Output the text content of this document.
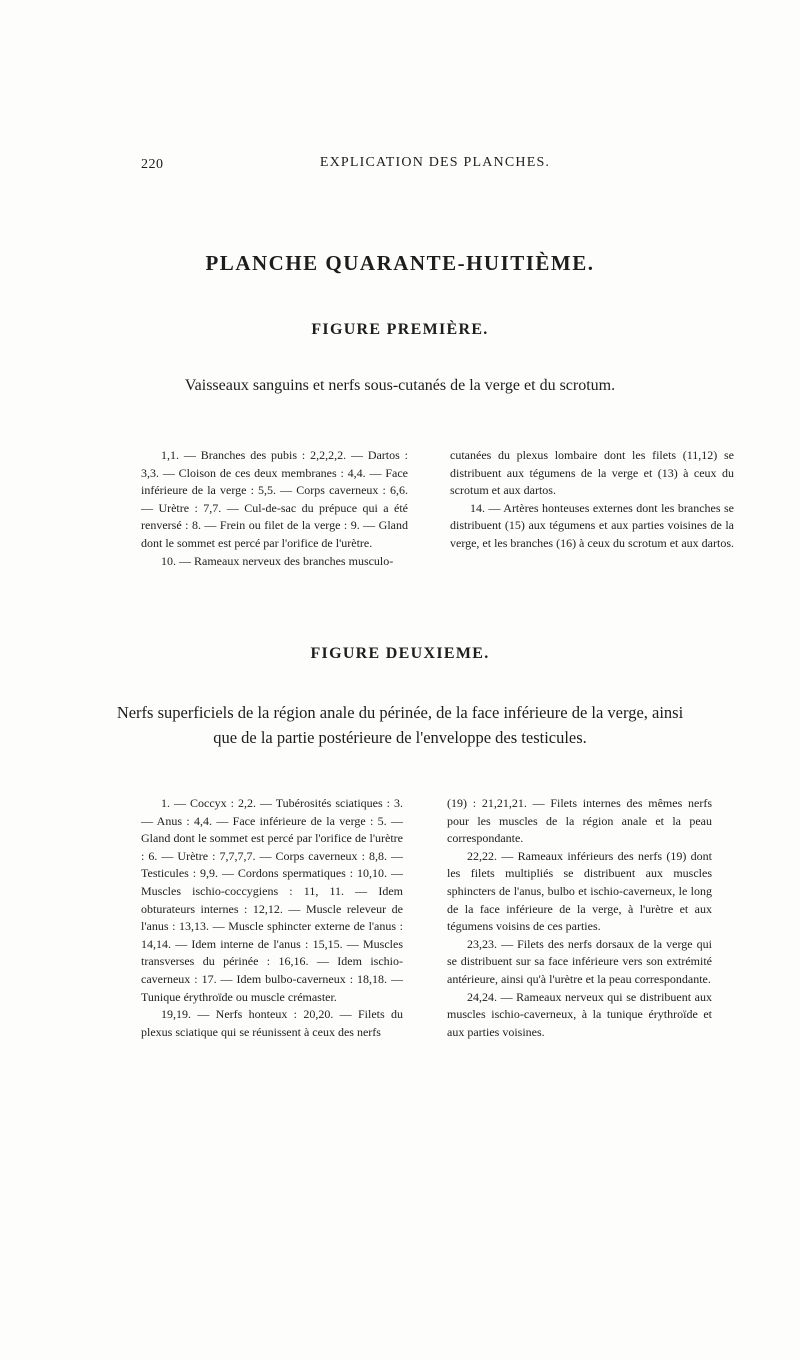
220	EXPLICATION DES PLANCHES.
PLANCHE QUARANTE-HUITIÈME.
FIGURE PREMIÈRE.
Vaisseaux sanguins et nerfs sous-cutanés de la verge et du scrotum.

1,1. — Branches des pubis : 2,2,2,2. — Dartos : 3,3. — Cloison de ces deux membranes : 4,4. — Face inférieure de la verge : 5,5. — Corps caverneux : 6,6. — Urètre : 7,7. — Cul-de-sac du prépuce qui a été renversé : 8. — Frein ou filet de la verge : 9. — Gland dont le sommet est percé par l'orifice de l'urètre.

10. — Rameaux nerveux des branches musculo-

cutanées du plexus lombaire dont les filets (11,12) se distribuent aux tégumens de la verge et (13) à ceux du scrotum et aux dartos.

14. — Artères honteuses externes dont les branches se distribuent (15) aux tégumens et aux parties voisines de la verge, et les branches (16) à ceux du scrotum et aux dartos.

FIGURE DEUXIEME.
Nerfs superficiels de la région anale du périnée, de la face inférieure de la verge, ainsi
que de la partie postérieure de l'enveloppe des testicules.

1. — Coccyx : 2,2. — Tubérosités sciatiques : 3. — Anus : 4,4. — Face inférieure de la verge : 5. — Gland dont le sommet est percé par l'orifice de l'urètre : 6. — Urètre : 7,7,7,7. — Corps caverneux : 8,8. — Testicules : 9,9. — Cordons spermatiques : 10,10. — Muscles ischio-coccygiens : 11, 11. — Idem obturateurs internes : 12,12. — Muscle releveur de l'anus : 13,13. — Muscle sphincter externe de l'anus : 14,14. — Idem interne de l'anus : 15,15. — Muscles transverses du périnée : 16,16. — Idem ischio-caverneux : 17. — Idem bulbo-caverneux : 18,18. — Tunique érythroïde ou muscle crémaster.

19,19. — Nerfs honteux : 20,20. — Filets du plexus sciatique qui se réunissent à ceux des nerfs

(19) : 21,21,21. — Filets internes des mêmes nerfs pour les muscles de la région anale et la peau correspondante.

22,22. — Rameaux inférieurs des nerfs (19) dont les filets multipliés se distribuent aux muscles sphincters de l'anus, bulbo et ischio-caverneux, le long de la face inférieure de la verge, à l'urètre et aux tégumens voisins de ces parties.

23,23. — Filets des nerfs dorsaux de la verge qui se distribuent sur sa face inférieure vers son extrémité antérieure, ainsi qu'à l'urètre et la peau correspondante.

24,24. — Rameaux nerveux qui se distribuent aux muscles ischio-caverneux, à la tunique érythroïde et aux parties voisines.
